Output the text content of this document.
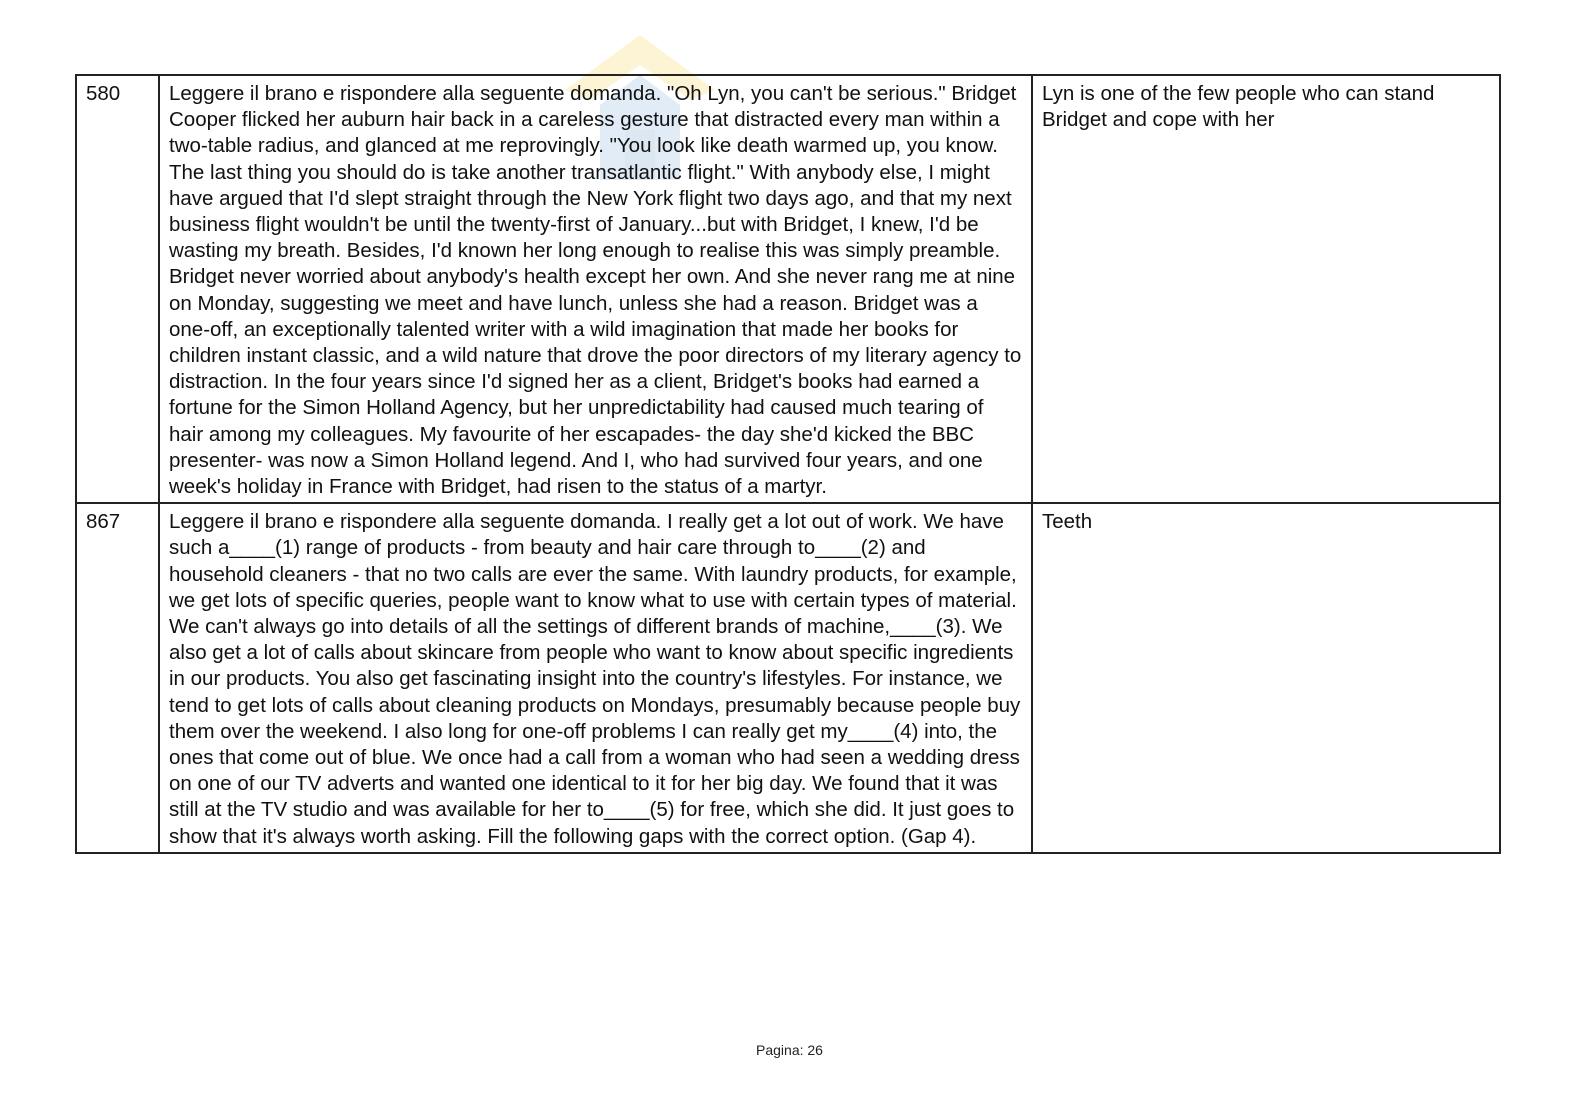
580	Leggere il brano e rispondere alla seguente domanda. "Oh Lyn, you can't be serious." Bridget Cooper flicked her auburn hair back in a careless gesture that distracted every man within a two-table radius, and glanced at me reprovingly. "You look like death warmed up, you know. The last thing you should do is take another transatlantic flight." With anybody else, I might have argued that I'd slept straight through the New York flight two days ago, and that my next business flight wouldn't be until the twenty-first of January...but with Bridget, I knew, I'd be wasting my breath. Besides, I'd known her long enough to realise this was simply preamble. Bridget never worried about anybody's health except her own. And she never rang me at nine on Monday, suggesting we meet and have lunch, unless she had a reason. Bridget was a one-off, an exceptionally talented writer with a wild imagination that made her books for children instant classic, and a wild nature that drove the poor directors of my literary agency to distraction. In the four years since I'd signed her as a client, Bridget's books had earned a fortune for the Simon Holland Agency, but her unpredictability had caused much tearing of hair among my colleagues. My favourite of her escapades- the day she'd kicked the BBC presenter- was now a Simon Holland legend. And I, who had survived four years, and one week's holiday in France with Bridget, had risen to the status of a martyr.	Lyn is one of the few people who can stand Bridget and cope with her
867	Leggere il brano e rispondere alla seguente domanda. I really get a lot out of work. We have such a____(1) range of products - from beauty and hair care through to____(2) and household cleaners - that no two calls are ever the same. With laundry products, for example, we get lots of specific queries, people want to know what to use with certain types of material. We can't always go into details of all the settings of different brands of machine,____(3). We also get a lot of calls about skincare from people who want to know about specific ingredients in our products. You also get fascinating insight into the country's lifestyles. For instance, we tend to get lots of calls about cleaning products on Mondays, presumably because people buy them over the weekend. I also long for one-off problems I can really get my____(4) into, the ones that come out of blue. We once had a call from a woman who had seen a wedding dress on one of our TV adverts and wanted one identical to it for her big day. We found that it was still at the TV studio and was available for her to____(5) for free, which she did. It just goes to show that it's always worth asking. Fill the following gaps with the correct option. (Gap 4).	Teeth
Pagina: 26
